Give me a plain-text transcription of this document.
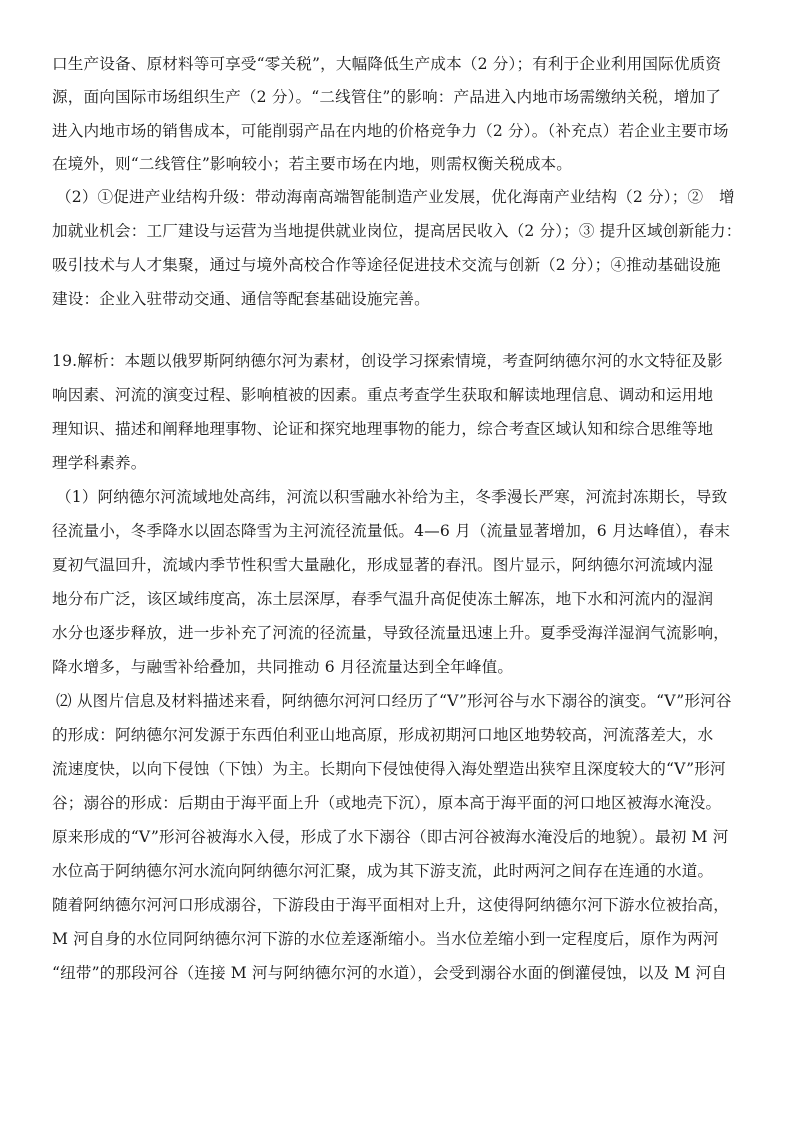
口生产设备、原材料等可享受“零关税”，大幅降低生产成本（2 分）；有利于企业利用国际优质资
源，面向国际市场组织生产（2 分）。“二线管住”的影响：产品进入内地市场需缴纳关税，增加了
进入内地市场的销售成本，可能削弱产品在内地的价格竞争力（2 分）。（补充点）若企业主要市场
在境外，则“二线管住”影响较小；若主要市场在内地，则需权衡关税成本。
（2）①促进产业结构升级：带动海南高端智能制造产业发展，优化海南产业结构（2 分）；②　增
加就业机会：工厂建设与运营为当地提供就业岗位，提高居民收入（2 分）；③ 提升区域创新能力：
吸引技术与人才集聚，通过与境外高校合作等途径促进技术交流与创新（2 分）；④推动基础设施
建设：企业入驻带动交通、通信等配套基础设施完善。
19.解析：本题以俄罗斯阿纳德尔河为素材，创设学习探索情境，考查阿纳德尔河的水文特征及影
响因素、河流的演变过程、影响植被的因素。重点考查学生获取和解读地理信息、调动和运用地
理知识、描述和阐释地理事物、论证和探究地理事物的能力，综合考查区域认知和综合思维等地
理学科素养。
（1）阿纳德尔河流域地处高纬，河流以积雪融水补给为主，冬季漫长严寒，河流封冻期长，导致
径流量小，冬季降水以固态降雪为主河流径流量低。4—6 月（流量显著增加，6 月达峰值），春末
夏初气温回升，流域内季节性积雪大量融化，形成显著的春汛。图片显示，阿纳德尔河流域内湿
地分布广泛，该区域纬度高，冻土层深厚，春季气温升高促使冻土解冻，地下水和河流内的湿润
水分也逐步释放，进一步补充了河流的径流量，导致径流量迅速上升。夏季受海洋湿润气流影响，
降水增多，与融雪补给叠加，共同推动 6 月径流量达到全年峰值。
⑵ 从图片信息及材料描述来看，阿纳德尔河河口经历了“V”形河谷与水下溺谷的演变。“V”形河谷
的形成：阿纳德尔河发源于东西伯利亚山地高原，形成初期河口地区地势较高，河流落差大，水
流速度快，以向下侵蚀（下蚀）为主。长期向下侵蚀使得入海处塑造出狭窄且深度较大的“V”形河
谷；溺谷的形成：后期由于海平面上升（或地壳下沉），原本高于海平面的河口地区被海水淹没。
原来形成的“V”形河谷被海水入侵，形成了水下溺谷（即古河谷被海水淹没后的地貌）。最初 M 河
水位高于阿纳德尔河水流向阿纳德尔河汇聚，成为其下游支流，此时两河之间存在连通的水道。
随着阿纳德尔河河口形成溺谷，下游段由于海平面相对上升，这使得阿纳德尔河下游水位被抬高，
M 河自身的水位同阿纳德尔河下游的水位差逐渐缩小。当水位差缩小到一定程度后，原作为两河
“纽带”的那段河谷（连接 M 河与阿纳德尔河的水道），会受到溺谷水面的倒灌侵蚀，以及 M 河自
